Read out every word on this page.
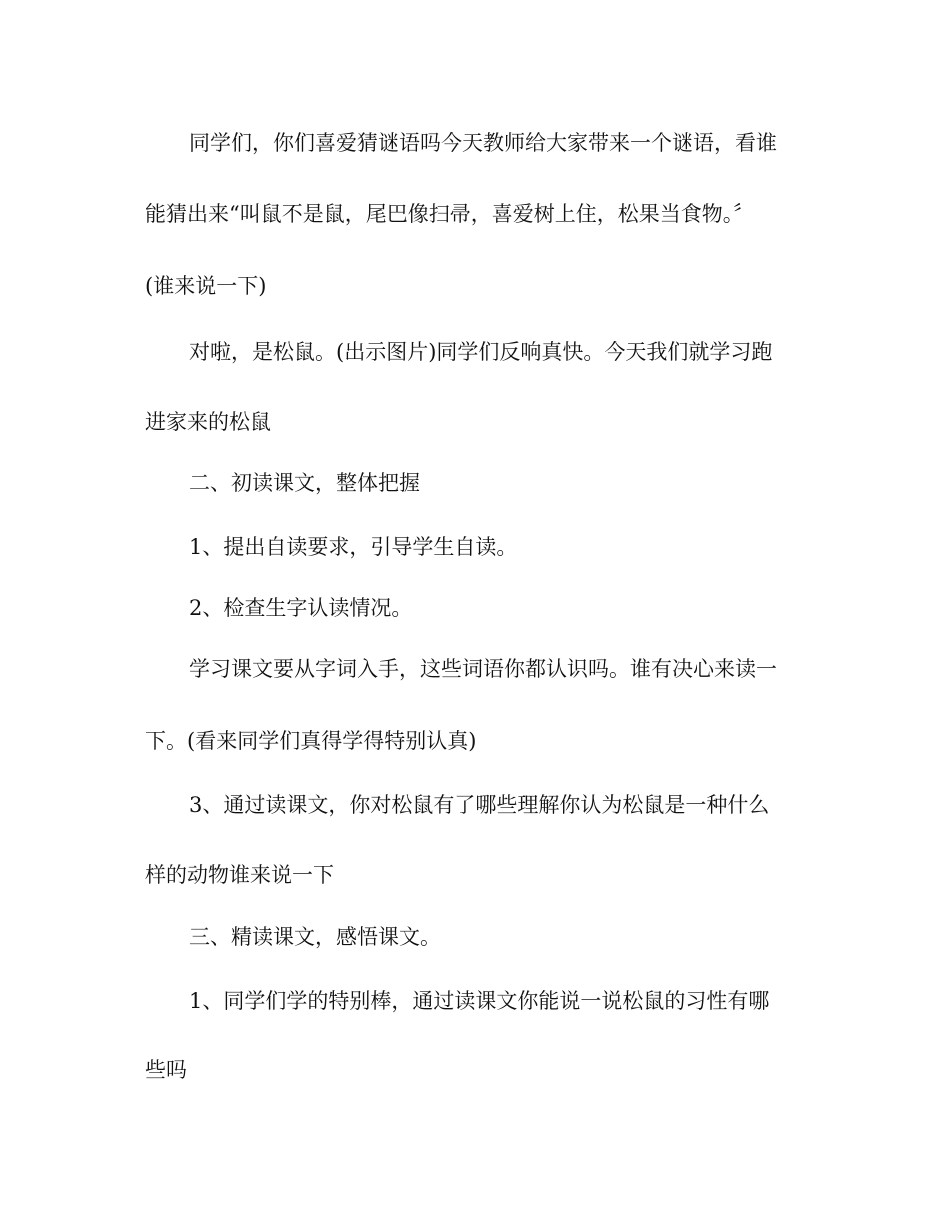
同学们，你们喜爱猜谜语吗今天教师给大家带来一个谜语，看谁
能猜出来“叫鼠不是鼠，尾巴像扫帚，喜爱树上住，松果当食物。〞
(谁来说一下)
对啦，是松鼠。(出示图片)同学们反响真快。今天我们就学习跑
进家来的松鼠
二、初读课文，整体把握
1、提出自读要求，引导学生自读。
2、检查生字认读情况。
学习课文要从字词入手，这些词语你都认识吗。谁有决心来读一
下。(看来同学们真得学得特别认真)
3、通过读课文，你对松鼠有了哪些理解你认为松鼠是一种什么
样的动物谁来说一下
三、精读课文，感悟课文。
1、同学们学的特别棒，通过读课文你能说一说松鼠的习性有哪
些吗
